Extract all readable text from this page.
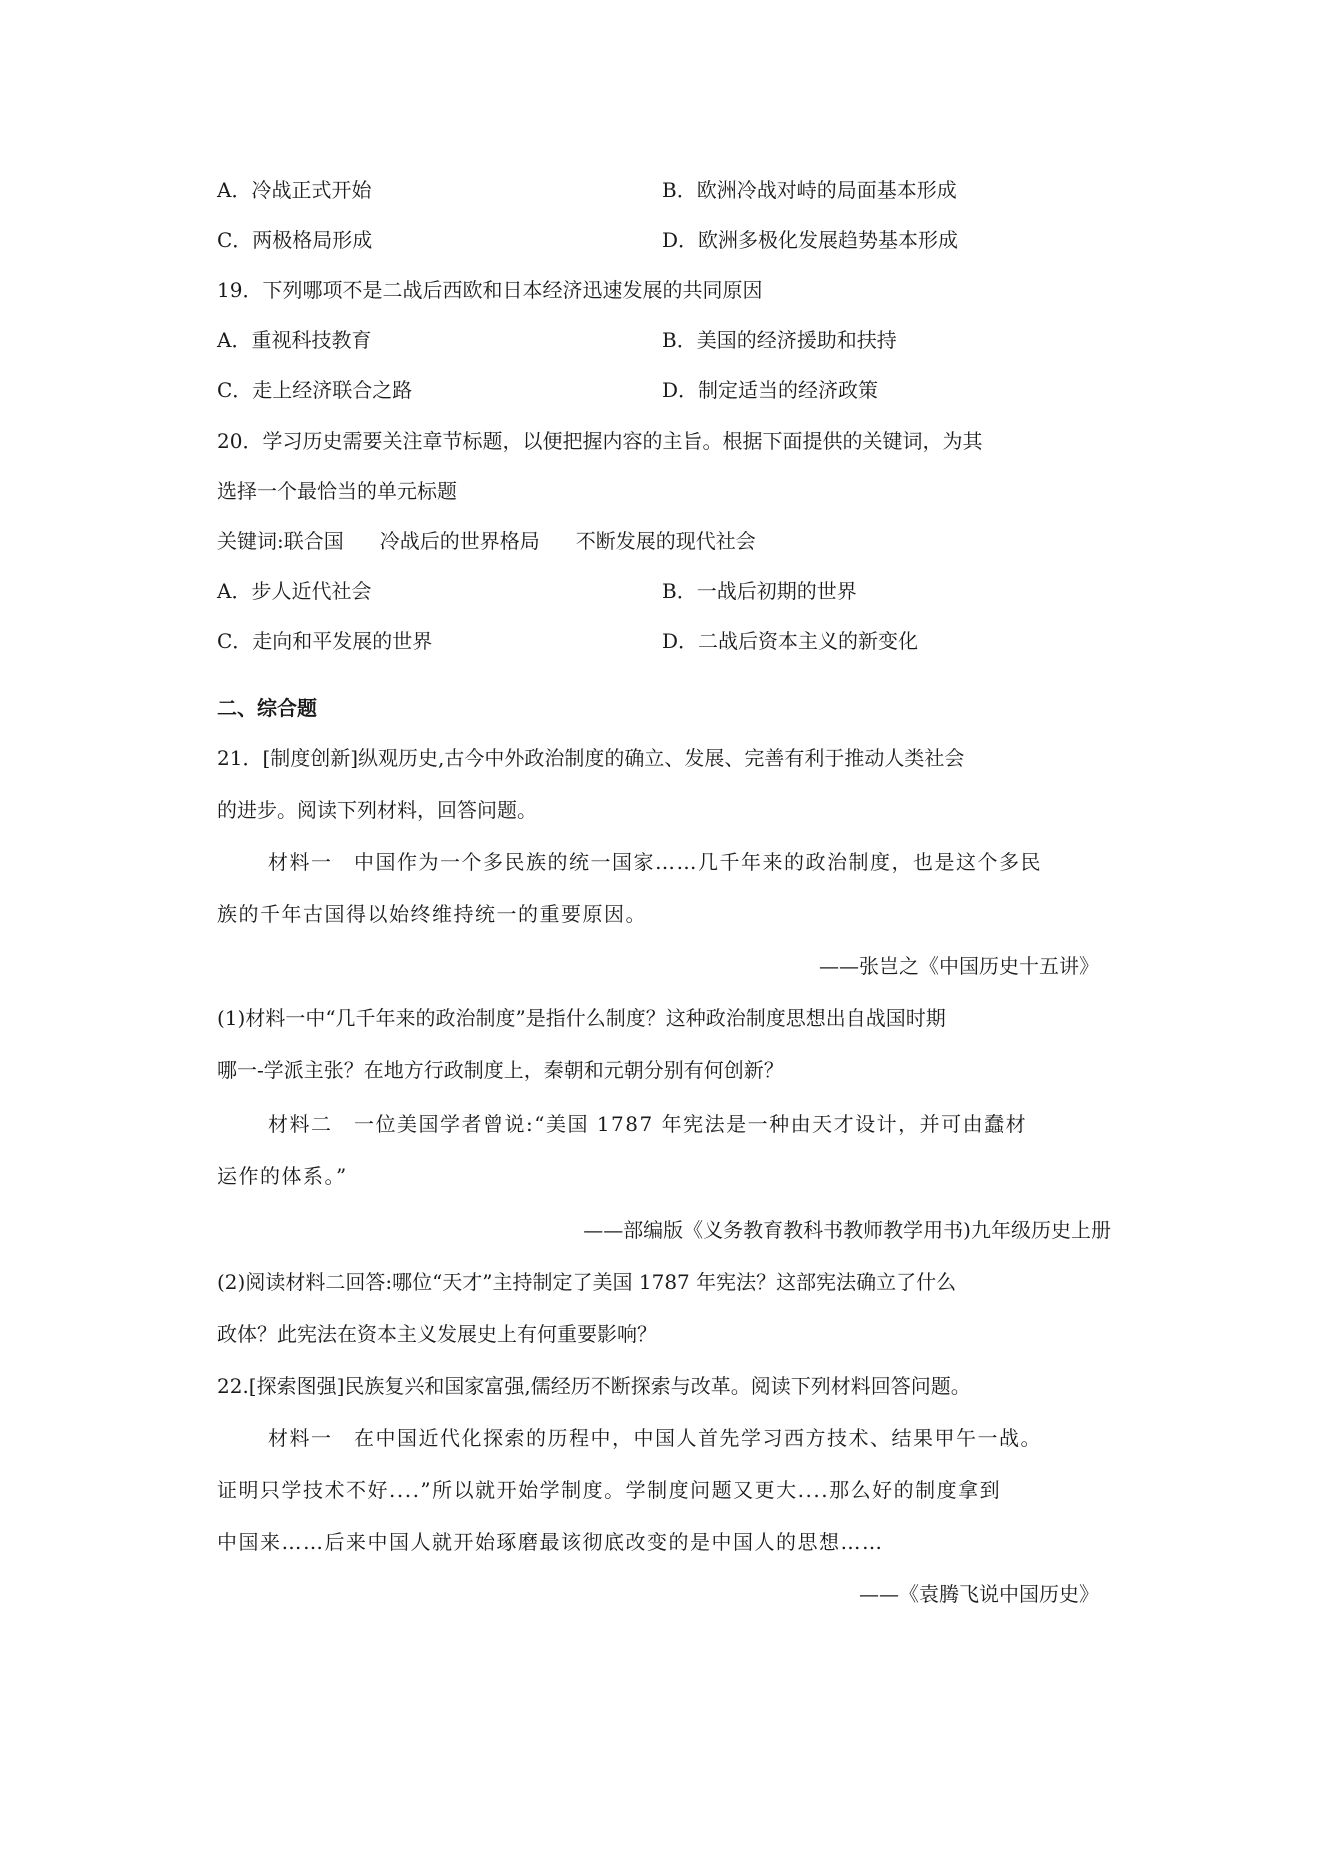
A．冷战正式开始	B．欧洲冷战对峙的局面基本形成
C．两极格局形成	D．欧洲多极化发展趋势基本形成
19．下列哪项不是二战后西欧和日本经济迅速发展的共同原因
A．重视科技教育	B．美国的经济援助和扶持
C．走上经济联合之路	D．制定适当的经济政策
20．学习历史需要关注章节标题，以便把握内容的主旨。根据下面提供的关键词，为其
选择一个最恰当的单元标题
关键词:联合国 冷战后的世界格局 不断发展的现代社会
A．步人近代社会	B．一战后初期的世界
C．走向和平发展的世界	D．二战后资本主义的新变化
二、综合题
21．[制度创新]纵观历史,古今中外政治制度的确立、发展、完善有利于推动人类社会
的进步。阅读下列材料，回答问题。
材料一　中国作为一个多民族的统一国家……几千年来的政治制度，也是这个多民
族的千年古国得以始终维持统一的重要原因。
——张岂之《中国历史十五讲》
(1)材料一中“几千年来的政治制度”是指什么制度？这种政治制度思想出自战国时期
哪一-学派主张？在地方行政制度上，秦朝和元朝分别有何创新？
材料二　一位美国学者曾说:“美国 1787 年宪法是一种由天才设计，并可由蠢材
运作的体系。”
——部编版《义务教育教科书教师教学用书)九年级历史上册
(2)阅读材料二回答:哪位“天才”主持制定了美国 1787 年宪法？这部宪法确立了什么
政体？此宪法在资本主义发展史上有何重要影响？
22.[探索图强]民族复兴和国家富强,儒经历不断探索与改革。阅读下列材料回答问题。
材料一　在中国近代化探索的历程中，中国人首先学习西方技术、结果甲午一战。
证明只学技术不好....”所以就开始学制度。学制度问题又更大....那么好的制度拿到
中国来……后来中国人就开始琢磨最该彻底改变的是中国人的思想……
——《袁腾飞说中国历史》
